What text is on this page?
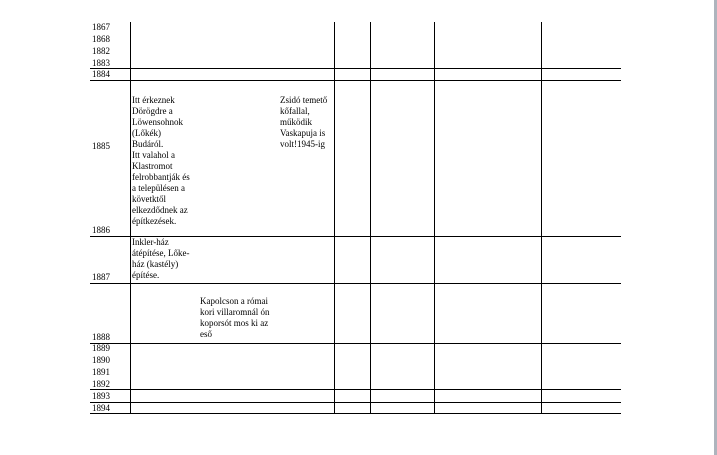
1867
1868
1882
1883
1884
1885
1886
1887
1888
1889
1890
1891
1892
1893
1894
Itt érkeznek
Dörögdre a
Löwensohnok
(Lőkék)
Budáról.
Itt valahol a
Klastromot
felrobbantják és
a településen a
követktől
elkezdődnek az
építkezések.
Zsidó temető
kőfallal,
működik
Vaskapuja is
volt!1945-ig
Inkler-ház
átépítése, Lőke-
ház (kastély)
építése.
Kapolcson a római
kori villaromnál ón
koporsót mos ki az
eső
